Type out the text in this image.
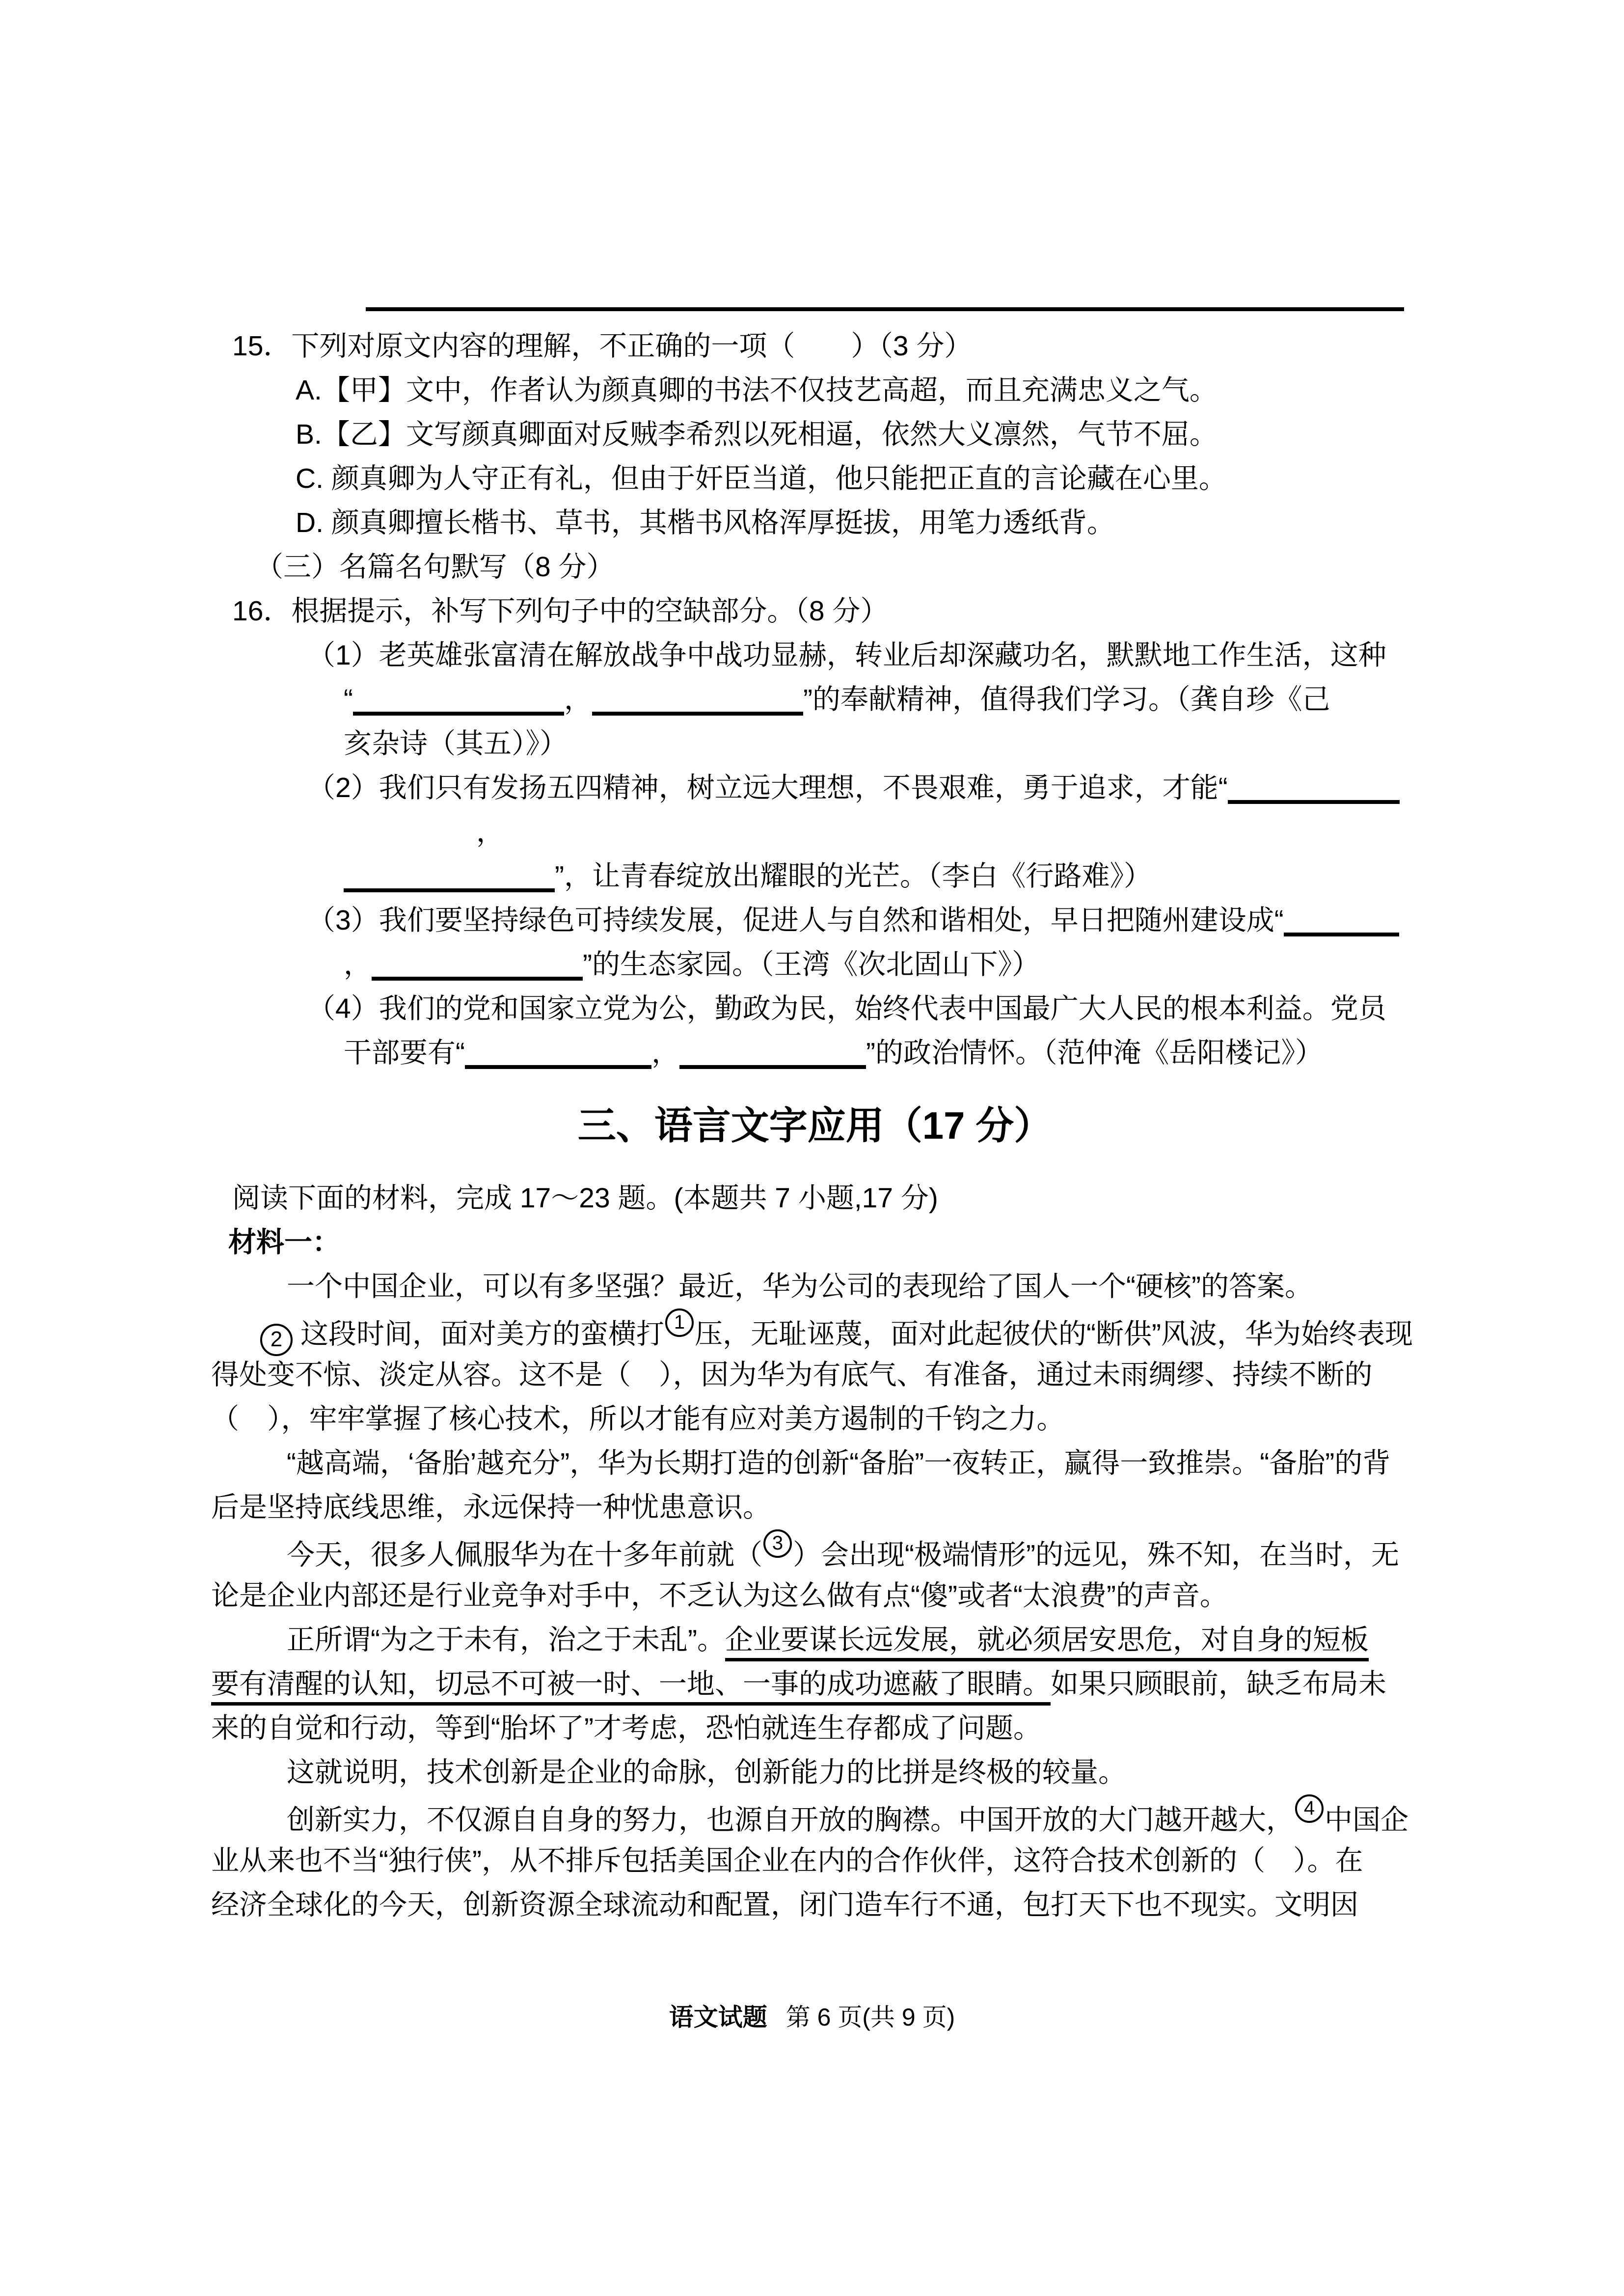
15．下列对原文内容的理解，不正确的一项（　　）（3 分）
A.【甲】文中，作者认为颜真卿的书法不仅技艺高超，而且充满忠义之气。
B.【乙】文写颜真卿面对反贼李希烈以死相逼，依然大义凛然，气节不屈。
C. 颜真卿为人守正有礼，但由于奸臣当道，他只能把正直的言论藏在心里。
D. 颜真卿擅长楷书、草书，其楷书风格浑厚挺拔，用笔力透纸背。
（三）名篇名句默写（8 分）
16．根据提示，补写下列句子中的空缺部分。（8 分）
（1）老英雄张富清在解放战争中战功显赫，转业后却深藏功名，默默地工作生活，这种
“	，	”的奉献精神，值得我们学习。（龚自珍《己
亥杂诗（其五）》）
（2）我们只有发扬五四精神，树立远大理想，不畏艰难，勇于追求，才能“
，
”，让青春绽放出耀眼的光芒。（李白《行路难》）
（3）我们要坚持绿色可持续发展，促进人与自然和谐相处，早日把随州建设成“
，	”的生态家园。（王湾《次北固山下》）
（4）我们的党和国家立党为公，勤政为民，始终代表中国最广大人民的根本利益。党员
干部要有“	，	”的政治情怀。（范仲淹《岳阳楼记》）
三、语言文字应用（17 分）
阅读下面的材料，完成 17～23 题。(本题共 7 小题,17 分)
材料一：
一个中国企业，可以有多坚强？最近，华为公司的表现给了国人一个“硬核”的答案。
2 这段时间，面对美方的蛮横打 1 压，无耻诬蔑，面对此起彼伏的“断供”风波，华为始终表现
得处变不惊、淡定从容。这不是（　），因为华为有底气、有准备，通过未雨绸缪、持续不断的
（　），牢牢掌握了核心技术，所以才能有应对美方遏制的千钧之力。
“越高端，‘备胎’越充分”，华为长期打造的创新“备胎”一夜转正，赢得一致推崇。“备胎”的背
后是坚持底线思维，永远保持一种忧患意识。
今天，很多人佩服华为在十多年前就（ 3 ）会出现“极端情形”的远见，殊不知，在当时，无
论是企业内部还是行业竞争对手中，不乏认为这么做有点“傻”或者“太浪费”的声音。
正所谓“为之于未有，治之于未乱”。企业要谋长远发展，就必须居安思危，对自身的短板
要有清醒的认知，切忌不可被一时、一地、一事的成功遮蔽了眼睛。如果只顾眼前，缺乏布局未
来的自觉和行动，等到“胎坏了”才考虑，恐怕就连生存都成了问题。
这就说明，技术创新是企业的命脉，创新能力的比拼是终极的较量。
创新实力，不仅源自自身的努力，也源自开放的胸襟。中国开放的大门越开越大， 4 中国企
业从来也不当“独行侠”，从不排斥包括美国企业在内的合作伙伴，这符合技术创新的（　）。在
经济全球化的今天，创新资源全球流动和配置，闭门造车行不通，包打天下也不现实。文明因
语文试题 第 6 页(共 9 页)
